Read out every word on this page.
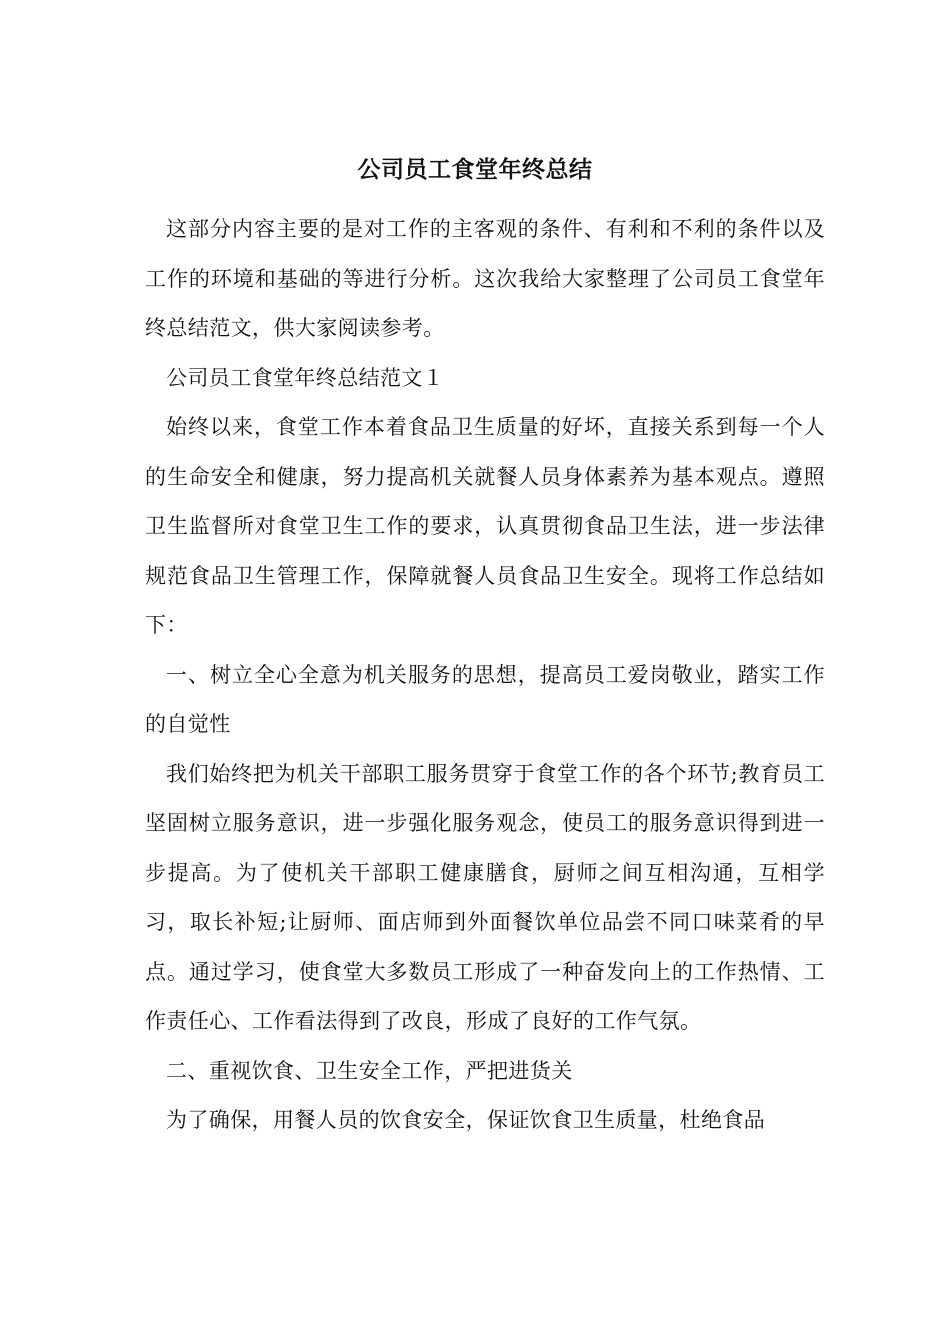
公司员工食堂年终总结

这部分内容主要的是对工作的主客观的条件、有利和不利的条件以及工作的环境和基础的等进行分析。这次我给大家整理了公司员工食堂年终总结范文，供大家阅读参考。

公司员工食堂年终总结范文１

始终以来，食堂工作本着食品卫生质量的好坏，直接关系到每一个人的生命安全和健康，努力提高机关就餐人员身体素养为基本观点。遵照卫生监督所对食堂卫生工作的要求，认真贯彻食品卫生法，进一步法律规范食品卫生管理工作，保障就餐人员食品卫生安全。现将工作总结如下：

一、树立全心全意为机关服务的思想，提高员工爱岗敬业，踏实工作的自觉性

我们始终把为机关干部职工服务贯穿于食堂工作的各个环节;教育员工坚固树立服务意识，进一步强化服务观念，使员工的服务意识得到进一步提高。为了使机关干部职工健康膳食，厨师之间互相沟通，互相学习，取长补短;让厨师、面店师到外面餐饮单位品尝不同口味菜肴的早点。通过学习，使食堂大多数员工形成了一种奋发向上的工作热情、工作责任心、工作看法得到了改良，形成了良好的工作气氛。

二、重视饮食、卫生安全工作，严把进货关

为了确保，用餐人员的饮食安全，保证饮食卫生质量，杜绝食品
